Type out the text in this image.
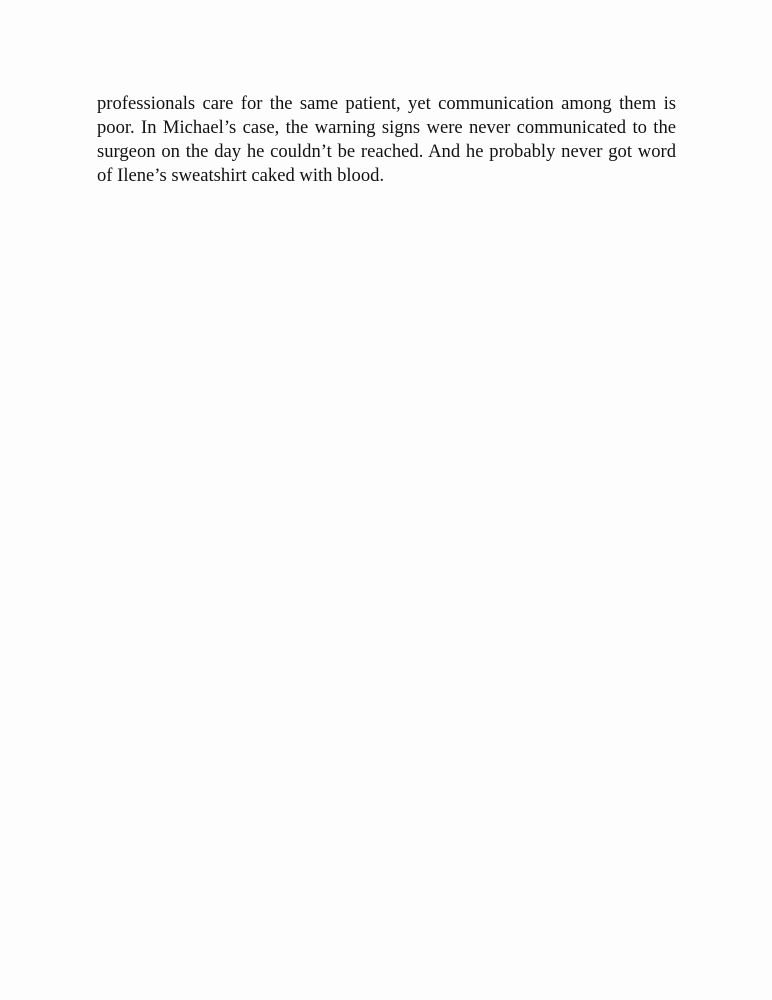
professionals care for the same patient, yet communication among them is
poor. In Michael’s case, the warning signs were never communicated to the
surgeon on the day he couldn’t be reached. And he probably never got word
of Ilene’s sweatshirt caked with blood.
